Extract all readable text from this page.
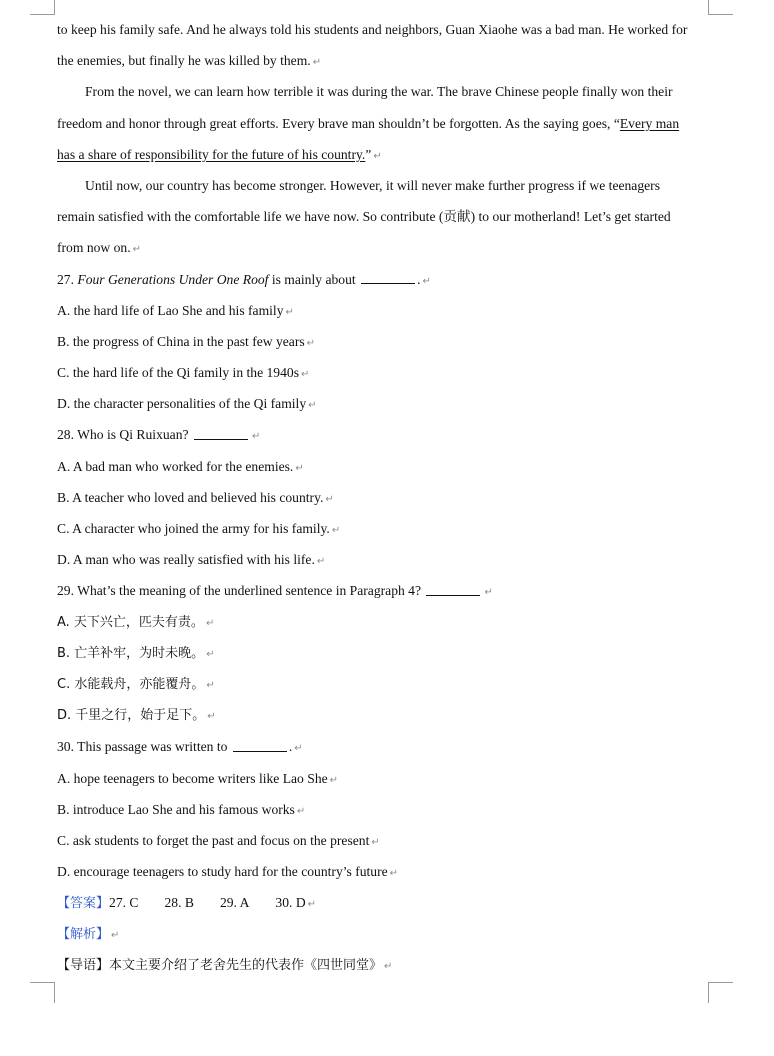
to keep his family safe. And he always told his students and neighbors, Guan Xiaohe was a bad man. He worked for
the enemies, but finally he was killed by them. ↵
From the novel, we can learn how terrible it was during the war. The brave Chinese people finally won their
freedom and honor through great efforts. Every brave man shouldn’t be forgotten. As the saying goes, “Every man
has a share of responsibility for the future of his country.” ↵
Until now, our country has become stronger. However, it will never make further progress if we teenagers
remain satisfied with the comfortable life we have now. So contribute (贡献) to our motherland! Let’s get started
from now on. ↵
27. Four Generations Under One Roof is mainly about	. ↵
A. the hard life of Lao She and his family ↵
B. the progress of China in the past few years ↵
C. the hard life of the Qi family in the 1940s ↵
D. the character personalities of the Qi family ↵
28. Who is Qi Ruixuan?	↵
A. A bad man who worked for the enemies. ↵
B. A teacher who loved and believed his country. ↵
C. A character who joined the army for his family. ↵
D. A man who was really satisfied with his life. ↵
29. What’s the meaning of the underlined sentence in Paragraph 4?	↵
A. 天下兴亡，匹夫有责。 ↵
B. 亡羊补牢，为时未晚。 ↵
C. 水能载舟，亦能覆舟。 ↵
D. 千里之行，始于足下。 ↵
30. This passage was written to	. ↵
A. hope teenagers to become writers like Lao She ↵
B. introduce Lao She and his famous works ↵
C. ask students to forget the past and focus on the present ↵
D. encourage teenagers to study hard for the country’s future ↵
【答案】27. C 28. B 29. A 30. D ↵
【解析】 ↵
【导语】本文主要介绍了老舍先生的代表作《四世同堂》 ↵
